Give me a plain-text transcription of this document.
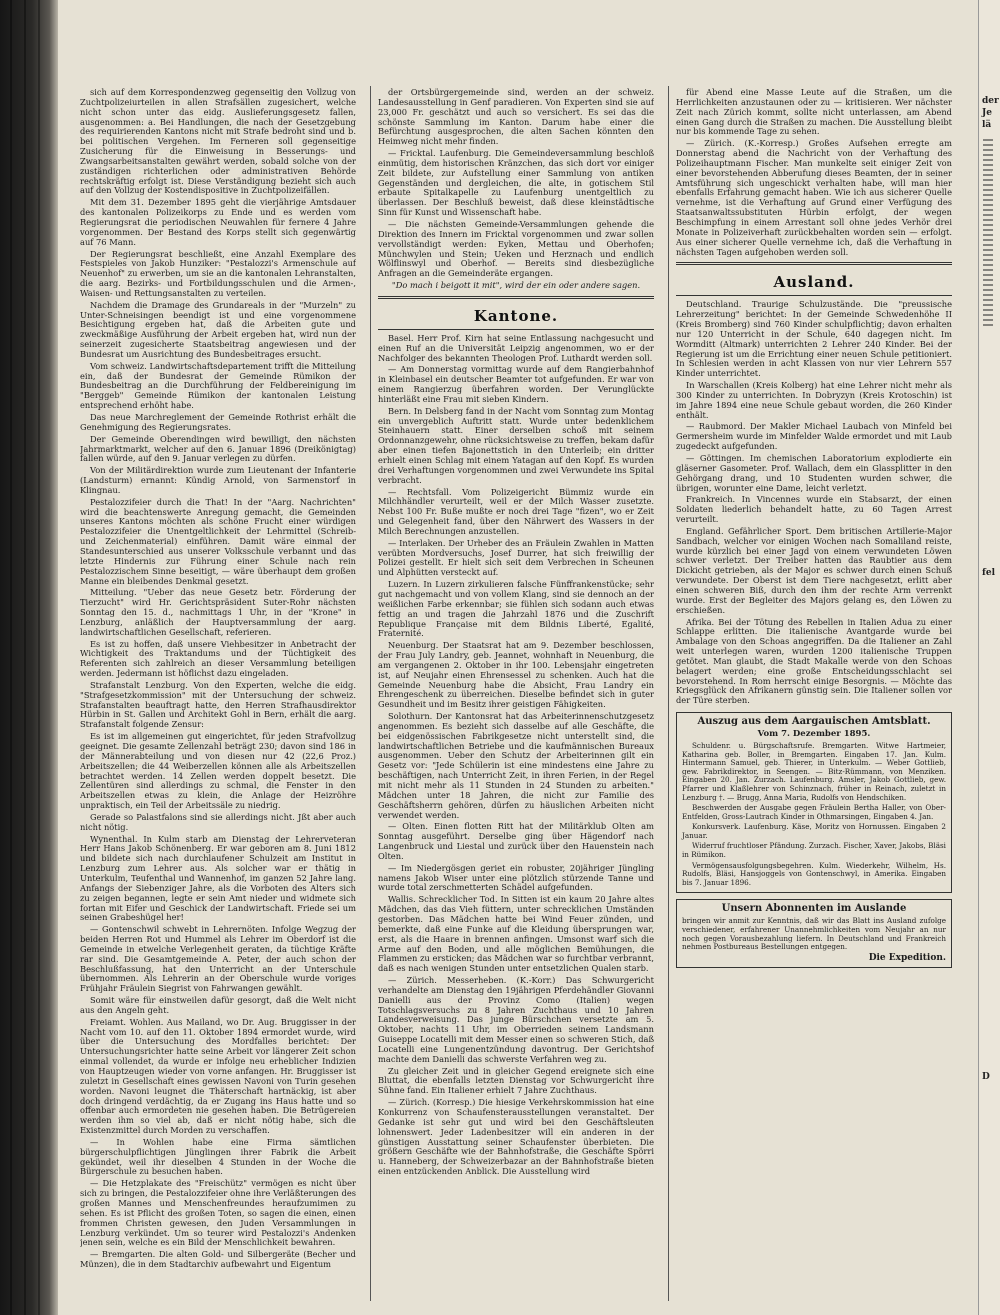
sich auf dem Korrespondenzweg gegenseitig den Vollzug von Zuchtpolizeiurteilen in allen Strafsällen zugesichert, welche nicht schon unter das eidg. Auslieferungsgesetz fallen, ausgenommen: a. Bei Handlungen, die nach der Gesetzgebung des requirierenden Kantons nicht mit Strafe bedroht sind und b. bei politischen Vergehen. Im Ferneren soll gegenseitige Zusicherung für die Einweisung in Besserungs- und Zwangsarbeitsanstalten gewährt werden, sobald solche von der zuständigen richterlichen oder administrativen Behörde rechtskräftig erfolgt ist. Diese Verständigung bezieht sich auch auf den Vollzug der Kostendispositive in Zuchtpolizeifällen.
Mit dem 31. Dezember 1895 geht die vierjährige Amtsdauer des kantonalen Polizeikorps zu Ende und es werden vom Regierungsrat die periodischen Neuwahlen für fernere 4 Jahre vorgenommen. Der Bestand des Korps stellt sich gegenwärtig auf 76 Mann.
Der Regierungsrat beschließt, eine Anzahl Exemplare des Festspieles von Jakob Hunziker: "Pestalozzi's Armenschule auf Neuenhof" zu erwerben, um sie an die kantonalen Lehranstalten, die aarg. Bezirks- und Fortbildungsschulen und die Armen-, Waisen- und Rettungsanstalten zu verteilen.
Nachdem die Dramage des Grundareals in der "Murzeln" zu Unter-Schneisingen beendigt ist und eine vorgenommene Besichtigung ergeben hat, daß die Arbeiten gute und zweckmäßige Ausführung der Arbeit ergeben hat, wird nun der seinerzeit zugesicherte Staatsbeitrag angewiesen und der Bundesrat um Ausrichtung des Bundesbeitrages ersucht.
Vom schweiz. Landwirtschaftsdepartement trifft die Mitteilung ein, daß der Bundesrat der Gemeinde Rümikon der Bundesbeitrag an die Durchführung der Feldbereinigung im "Berggeb" Gemeinde Rümikon der kantonalen Leistung entsprechend erhöht habe.
Das neue Marchreglement der Gemeinde Rothrist erhält die Genehmigung des Regierungsrates.
Der Gemeinde Oberendingen wird bewilligt, den nächsten Jahrmarktmarkt, welcher auf den 6. Januar 1896 (Dreikönigtag) fallen würde, auf den 9. Januar verlegen zu dürfen.
Von der Militärdirektion wurde zum Lieutenant der Infanterie (Landsturm) ernannt: Kündig Arnold, von Sarmenstorf in Klingnau.
Pestalozzifeier durch die That! In der "Aarg. Nachrichten" wird die beachtenswerte Anregung gemacht, die Gemeinden unseres Kantons möchten als schöne Frucht einer würdigen Pestalozzifeier die Unentgeltlichkeit der Lehrmittel (Schreib- und Zeichenmaterial) einführen. Damit wäre einmal der Standesunterschied aus unserer Volksschule verbannt und das letzte Hindernis zur Führung einer Schule nach rein Pestalozzischem Sinne beseitigt, — wäre überhaupt dem großen Manne ein bleibendes Denkmal gesetzt.
Mitteilung. "Ueber das neue Gesetz betr. Förderung der Tierzucht" wird Hr. Gerichtspräsident Suter-Rohr nächsten Sonntag den 15. d., nachmittags 1 Uhr, in der "Krone" in Lenzburg, anläßlich der Hauptversammlung der aarg. landwirtschaftlichen Gesellschaft, referieren.
Es ist zu hoffen, daß unsere Viehbesitzer in Anbetracht der Wichtigkeit des Traktandums und der Tüchtigkeit des Referenten sich zahlreich an dieser Versammlung beteiligen werden. Jedermann ist höflichst dazu eingeladen.
Strafanstalt Lenzburg. Von den Experten, welche die eidg. "Strafgesetzkommission" mit der Untersuchung der schweiz. Strafanstalten beauftragt hatte, den Herren Strafhausdirektor Hürbin in St. Gallen und Architekt Gohl in Bern, erhält die aarg. Strafanstalt folgende Zensur:
Es ist im allgemeinen gut eingerichtet, für jeden Strafvollzug geeignet. Die gesamte Zellenzahl beträgt 230; davon sind 186 in der Männerabteilung und von diesen nur 42 (22,6 Proz.) Arbeitszellen; die 44 Weiberzellen können alle als Arbeitszellen betrachtet werden. 14 Zellen werden doppelt besetzt. Die Zellentüren sind allerdings zu schmal, die Fenster in den Arbeitszellen etwas zu klein, die Anlage der Heizröhre unpraktisch, ein Teil der Arbeitssäle zu niedrig.
Gerade so Palastfalons sind sie allerdings nicht. Jßt aber auch nicht nötig.
Wynenthal. In Kulm starb am Dienstag der Lehrerveteran Herr Hans Jakob Schönenberg. Er war geboren am 8. Juni 1812 und bildete sich nach durchlaufener Schulzeit am Institut in Lenzburg zum Lehrer aus. Als solcher war er thätig in Unterkulm, Teufenthal und Wannenhof, im ganzen 52 Jahre lang. Anfangs der Siebenziger Jahre, als die Vorboten des Alters sich zu zeigen begannen, legte er sein Amt nieder und widmete sich fortan mit Eifer und Geschick der Landwirtschaft. Friede sei um seinen Grabeshügel her!
— Gontenschwil schwebt in Lehrernöten. Infolge Wegzug der beiden Herren Rot und Hummel als Lehrer im Oberdorf ist die Gemeinde in etwelche Verlegenheit geraten, da tüchtige Kräfte rar sind. Die Gesamtgemeinde A. Peter, der auch schon der Beschlußfassung, hat den Unterricht an der Unterschule übernommen. Als Lehrerin an der Oberschule wurde voriges Frühjahr Fräulein Siegrist von Fahrwangen gewählt.
Somit wäre für einstweilen dafür gesorgt, daß die Welt nicht aus den Angeln geht.
Freiamt. Wohlen. Aus Mailand, wo Dr. Aug. Bruggisser in der Nacht vom 10. auf den 11. Oktober 1894 ermordet wurde, wird über die Untersuchung des Mordfalles berichtet: Der Untersuchungsrichter hatte seine Arbeit vor längerer Zeit schon einmal vollendet, da wurde er infolge neu erheblicher Indizien von Hauptzeugen wieder von vorne anfangen. Hr. Bruggisser ist zuletzt in Gesellschaft eines gewissen Navoni von Turin gesehen worden. Navoni leugnet die Thäterschaft hartnäckig, ist aber doch dringend verdächtig, da er Zugang ins Haus hatte und so offenbar auch ermordeten nie gesehen haben. Die Betrügereien werden ihm so viel ab, daß er nicht nötig habe, sich die Existenzmittel durch Morden zu verschaffen.
— In Wohlen habe eine Firma sämtlichen bürgerschulpflichtigen Jünglingen ihrer Fabrik die Arbeit gekündet, weil ihr dieselben 4 Stunden in der Woche die Bürgerschule zu besuchen haben.
— Die Hetzplakate des "Freischütz" vermögen es nicht über sich zu bringen, die Pestalozzifeier ohne ihre Verläßterungen des großen Mannes und Menschenfreundes heraufzumimen zu sehen. Es ist Pflicht des großen Toten, so sagen die einen, einen frommen Christen gewesen, den Juden Versammlungen in Lenzburg verkündet. Um so teurer wird Pestalozzi's Andenken jenen sein, welche es ein Bild der Menschlichkeit bewahren.
— Bremgarten. Die alten Gold- und Silbergeräte (Becher und Münzen), die in dem Stadtarchiv aufbewahrt und Eigentum
der Ortsbürgergemeinde sind, werden an der schweiz. Landesausstellung in Genf paradieren. Von Experten sind sie auf 23,000 Fr. geschätzt und auch so versichert. Es sei das die schönste Sammlung im Kanton. Darum habe einer die Befürchtung ausgesprochen, die alten Sachen könnten den Heimweg nicht mehr finden.
— Fricktal. Laufenburg. Die Gemeindeversammlung beschloß einmütig, dem historischen Kränzchen, das sich dort vor einiger Zeit bildete, zur Aufstellung einer Sammlung von antiken Gegenständen und dergleichen, die alte, in gotischem Stil erbaute Spitalkapelle zu Laufenburg unentgeltlich zu überlassen. Der Beschluß beweist, daß diese kleinstädtische Sinn für Kunst und Wissenschaft habe.
— Die nächsten Gemeinde-Versammlungen gehende die Direktion des Innern im Fricktal vorgenommen und zwar sollen vervollständigt werden: Eyken, Mettau und Oberhofen; Münchwylen und Stein; Ueken und Herznach und endlich Wölflinswyl und Oberhof. — Bereits sind diesbezügliche Anfragen an die Gemeinderäte ergangen.
"Do mach i beigott it mit", wird der ein oder andere sagen.
Kantone.
Basel. Herr Prof. Kirn hat seine Entlassung nachgesucht und einen Ruf an die Universität Leipzig angenommen, wo er der Nachfolger des bekannten Theologen Prof. Luthardt werden soll.
— Am Donnerstag vormittag wurde auf dem Rangierbahnhof in Kleinbasel ein deutscher Beamter tot aufgefunden. Er war von einem Rangierzug überfahren worden. Der Verunglückte hinterläßt eine Frau mit sieben Kindern.
Bern. In Delsberg fand in der Nacht vom Sonntag zum Montag ein unvergeblich Auftritt statt. Wurde unter bedenklichem Steinhauern statt. Einer derselben schoß mit seinem Ordonnanzgewehr, ohne rücksichtsweise zu treffen, bekam dafür aber einen tiefen Bajonettstich in den Unterleib; ein dritter erhielt einen Schlag mit einem Yatagan auf den Kopf. Es wurden drei Verhaftungen vorgenommen und zwei Verwundete ins Spital verbracht.
— Rechtsfall. Vom Polizeigericht Bümmiz wurde ein Milchhändler verurteilt, weil er der Milch Wasser zusetzte. Nebst 100 Fr. Buße mußte er noch drei Tage "fizen", wo er Zeit und Gelegenheit fand, über den Nährwert des Wassers in der Milch Berechnungen anzustellen.
— Interlaken. Der Urheber des an Fräulein Zwahlen in Matten verübten Mordversuchs, Josef Durrer, hat sich freiwillig der Polizei gestellt. Er hielt sich seit dem Verbrechen in Scheunen und Alphütten versteckt auf.
Luzern. In Luzern zirkulieren falsche Fünffrankenstücke; sehr gut nachgemacht und von vollem Klang, sind sie dennoch an der weißlichen Farbe erkennbar; sie fühlen sich sodann auch etwas fettig an und tragen die Jahrzahl 1876 und die Zuschrift Republique Française mit dem Bildnis Liberté, Egalité, Fraternité.
Neuenburg. Der Staatsrat hat am 9. Dezember beschlossen, der Frau July Landry, geb. Jeannet, wohnhaft in Neuenburg, die am vergangenen 2. Oktober in ihr 100. Lebensjahr eingetreten ist, auf Neujahr einen Ehrensessel zu schenken. Auch hat die Gemeinde Neuenburg habe die Absicht, Frau Landry ein Ehrengeschenk zu überreichen. Dieselbe befindet sich in guter Gesundheit und im Besitz ihrer geistigen Fähigkeiten.
Solothurn. Der Kantonsrat hat das Arbeiterinnenschutzgesetz angenommen. Es bezieht sich dasselbe auf alle Geschäfte, die bei eidgenössischen Fabrikgesetze nicht unterstellt sind, die landwirtschaftlichen Betriebe und die kaufmännischen Bureaux ausgenommen. Ueber den Schutz der Arbeiterinnen gilt ein Gesetz vor: "Jede Schülerin ist eine mindestens eine Jahre zu beschäftigen, nach Unterricht Zeit, in ihren Ferien, in der Regel mit nicht mehr als 11 Stunden in 24 Stunden zu arbeiten." Mädchen unter 18 Jahren, die nicht zur Familie des Geschäftsherrn gehören, dürfen zu häuslichen Arbeiten nicht verwendet werden.
— Olten. Einen flotten Ritt hat der Militärklub Olten am Sonntag ausgeführt. Derselbe ging über Hägendorf nach Langenbruck und Liestal und zurück über den Hauenstein nach Olten.
— Im Niedergösgen geriet ein robuster, 20jähriger Jüngling namens Jakob Wiser unter eine plötzlich stürzende Tanne und wurde total zerschmetterten Schädel aufgefunden.
Wallis. Schrecklicher Tod. In Sitten ist ein kaum 20 Jahre altes Mädchen, das das Vieh füttern, unter schrecklichen Umständen gestorben. Das Mädchen hatte bei Wind Feuer zünden, und bemerkte, daß eine Funke auf die Kleidung übersprungen war, erst, als die Haare in brennen anfingen. Umsonst warf sich die Arme auf den Boden, und alle möglichen Bemühungen, die Flammen zu ersticken; das Mädchen war so furchtbar verbrannt, daß es nach wenigen Stunden unter entsetzlichen Qualen starb.
— Zürich. Messerheben. (K.-Korr.) Das Schwurgericht verhandelte am Dienstag den 19jährigen Pferdehändler Giovanni Danielli aus der Provinz Como (Italien) wegen Totschlagsversuchs zu 8 Jahren Zuchthaus und 10 Jahren Landesverweisung. Das junge Bürschchen versetzte am 5. Oktober, nachts 11 Uhr, im Oberrieden seinem Landsmann Guiseppe Locatelli mit dem Messer einen so schweren Stich, daß Locatelli eine Lungenentzündung davontrug. Der Gerichtshof machte dem Danielli das schwerste Verfahren weg zu.
Zu gleicher Zeit und in gleicher Gegend ereignete sich eine Bluttat, die ebenfalls letzten Dienstag vor Schwurgericht ihre Sühne fand. Ein Italiener erhielt 7 Jahre Zuchthaus.
— Zürich. (Korresp.) Die hiesige Verkehrskommission hat eine Konkurrenz von Schaufensterausstellungen veranstaltet. Der Gedanke ist sehr gut und wird bei den Geschäftsleuten lohnenswert. Jeder Ladenbesitzer will ein anderen in der günstigen Ausstattung seiner Schaufenster überbieten. Die größern Geschäfte wie der Bahnhofstraße, die Geschäfte Spörri u. Hanneberg, der Schweizerbazar an der Bahnhofstraße bieten einen entzückenden Anblick. Die Ausstellung wird
für Abend eine Masse Leute auf die Straßen, um die Herrlichkeiten anzustaunen oder zu — kritisieren. Wer nächster Zeit nach Zürich kommt, sollte nicht unterlassen, am Abend einen Gang durch die Straßen zu machen. Die Ausstellung bleibt nur bis kommende Tage zu sehen.
— Zürich. (K.-Korresp.) Großes Aufsehen erregte am Donnerstag abend die Nachricht von der Verhaftung des Polizeihauptmann Fischer. Man munkelte seit einiger Zeit von einer bevorstehenden Abberufung dieses Beamten, der in seiner Amtsführung sich ungeschickt verhalten habe, will man hier ebenfalls Erfahrung gemacht haben. Wie ich aus sicherer Quelle vernehme, ist die Verhaftung auf Grund einer Verfügung des Staatsanwaltssubstituten Hürbin erfolgt, der wegen Beschimpfung in einem Arrestant soll ohne jedes Verhör drei Monate in Polizeiverhaft zurückbehalten worden sein — erfolgt. Aus einer sicherer Quelle vernehme ich, daß die Verhaftung in nächsten Tagen aufgehoben werden soll.
Ausland.
Deutschland. Traurige Schulzustände. Die "preussische Lehrerzeitung" berichtet: In der Gemeinde Schwedenhöhe II (Kreis Bromberg) sind 760 Kinder schulpflichtig; davon erhalten nur 120 Unterricht in der Schule, 640 dagegen nicht. Im Wormditt (Altmark) unterrichten 2 Lehrer 240 Kinder. Bei der Regierung ist um die Errichtung einer neuen Schule petitioniert. In Schlesien werden in acht Klassen von nur vier Lehrern 557 Kinder unterrichtet.
In Warschallen (Kreis Kolberg) hat eine Lehrer nicht mehr als 300 Kinder zu unterrichten. In Dobryzyn (Kreis Krotoschin) ist im Jahre 1894 eine neue Schule gebaut worden, die 260 Kinder enthält.
— Raubmord. Der Makler Michael Laubach von Minfeld bei Germersheim wurde im Minfelder Walde ermordet und mit Laub zugedeckt aufgefunden.
— Göttingen. Im chemischen Laboratorium explodierte ein gläserner Gasometer. Prof. Wallach, dem ein Glassplitter in den Gehörgang drang, und 10 Studenten wurden schwer, die übrigen, worunter eine Dame, leicht verletzt.
Frankreich. In Vincennes wurde ein Stabsarzt, der einen Soldaten liederlich behandelt hatte, zu 60 Tagen Arrest verurteilt.
England. Gefährlicher Sport. Dem britischen Artillerie-Major Sandbach, welcher vor einigen Wochen nach Somaliland reiste, wurde kürzlich bei einer Jagd von einem verwundeten Löwen schwer verletzt. Der Treiber hatten das Raubtier aus dem Dickicht getrieben, als der Major es schwer durch einen Schuß verwundete. Der Oberst ist dem Tiere nachgesetzt, erlitt aber einen schweren Biß, durch den ihm der rechte Arm verrenkt wurde. Erst der Begleiter des Majors gelang es, den Löwen zu erschießen.
Afrika. Bei der Tötung des Rebellen in Italien Adua zu einer Schlappe erlitten. Die italienische Avantgarde wurde bei Ambalage von den Schoas angegriffen. Da die Italiener an Zahl weit unterlegen waren, wurden 1200 italienische Truppen getötet. Man glaubt, die Stadt Makalle werde von den Schoas belagert werden; eine große Entscheidungsschlacht sei bevorstehend. In Rom herrscht einige Besorgnis. — Möchte das Kriegsglück den Afrikanern günstig sein. Die Italiener sollen vor der Türe sterben.
Auszug aus dem Aargauischen Amtsblatt.
Vom 7. Dezember 1895.
Schuldenr. u. Bürgschaftsrufe. Bremgarten. Witwe Hartmeier, Katharina geb. Boller, in Bremgarten. Eingaben 17. Jan. Kulm. Hintermann Samuel, geb. Thierer, in Unterkulm. — Weber Gottlieb, gew. Fabrikdirektor, in Seengen. — Bitz-Rümmann, von Menziken. Eingaben 20. Jan. Zurzach. Laufenburg. Amsler, Jakob Gottlieb, gew. Pfarrer und Klaßlehrer von Schinznach, früher in Reinach, zuletzt in Lenzburg †. — Brugg, Anna Maria, Rudolfs von Hendschiken.
Beschwerden der Ausgabe gegen Fräulein Bertha Haller, von Ober-Entfelden, Gross-Lautrach Kinder in Othmarsingen, Eingaben 4. Jan.
Konkursverk. Laufenburg. Käse, Moritz von Hornussen. Eingaben 2 Januar.
Widerruf fruchtloser Pfändung. Zurzach. Fischer, Xaver, Jakobs, Bläsi in Rümikon.
Vermögensausfolgungsbegehren. Kulm. Wiederkehr, Wilhelm, Hs. Rudolfs, Bläsi, Hansjoggels von Gontenschwyl, in Amerika. Eingaben bis 7. Januar 1896.
Unsern Abonnenten im Auslande
bringen wir anmit zur Kenntnis, daß wir das Blatt ins Ausland zufolge verschiedener, erfahrener Unannehmlichkeiten vom Neujahr an nur noch gegen Vorausbezahlung liefern. In Deutschland und Frankreich nehmen Postbureaus Bestellungen entgegen.
Die Expedition.
der
Je
lä
fel
D
